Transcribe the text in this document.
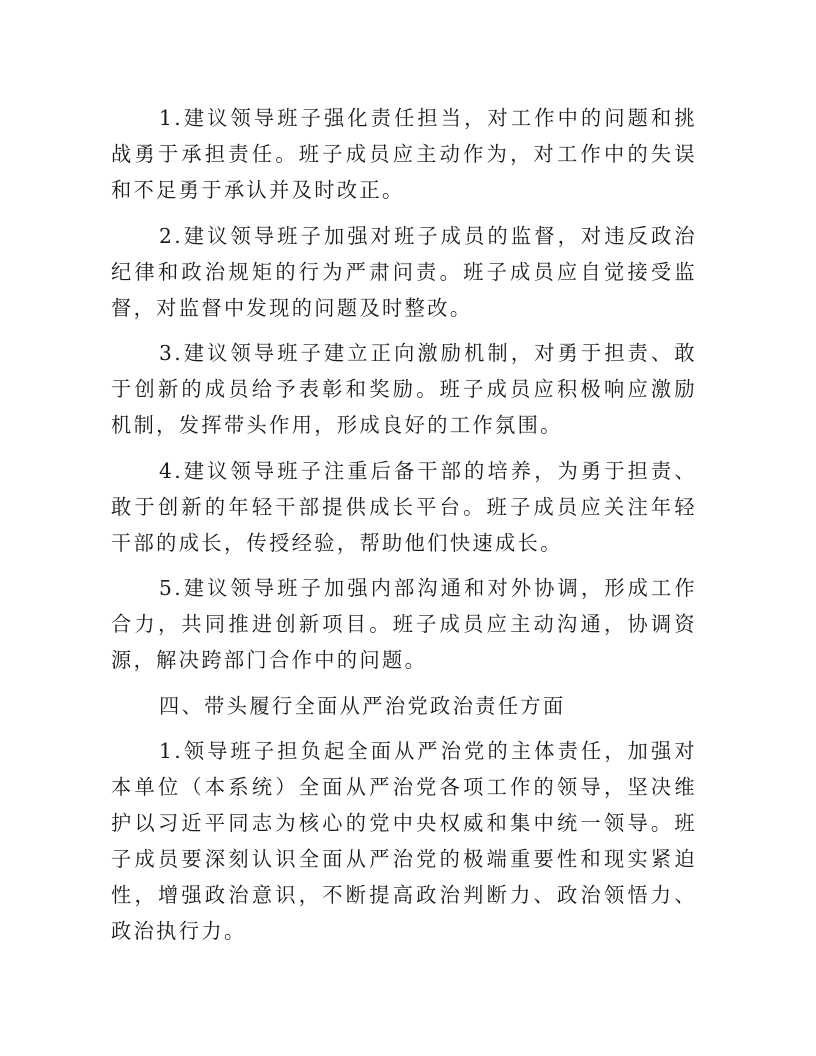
1.建议领导班子强化责任担当，对工作中的问题和挑战勇于承担责任。班子成员应主动作为，对工作中的失误和不足勇于承认并及时改正。

2.建议领导班子加强对班子成员的监督，对违反政治纪律和政治规矩的行为严肃问责。班子成员应自觉接受监督，对监督中发现的问题及时整改。

3.建议领导班子建立正向激励机制，对勇于担责、敢于创新的成员给予表彰和奖励。班子成员应积极响应激励机制，发挥带头作用，形成良好的工作氛围。

4.建议领导班子注重后备干部的培养，为勇于担责、敢于创新的年轻干部提供成长平台。班子成员应关注年轻干部的成长，传授经验，帮助他们快速成长。

5.建议领导班子加强内部沟通和对外协调，形成工作合力，共同推进创新项目。班子成员应主动沟通，协调资源，解决跨部门合作中的问题。

四、带头履行全面从严治党政治责任方面

1.领导班子担负起全面从严治党的主体责任，加强对本单位（本系统）全面从严治党各项工作的领导，坚决维护以习近平同志为核心的党中央权威和集中统一领导。班子成员要深刻认识全面从严治党的极端重要性和现实紧迫性，增强政治意识，不断提高政治判断力、政治领悟力、政治执行力。
